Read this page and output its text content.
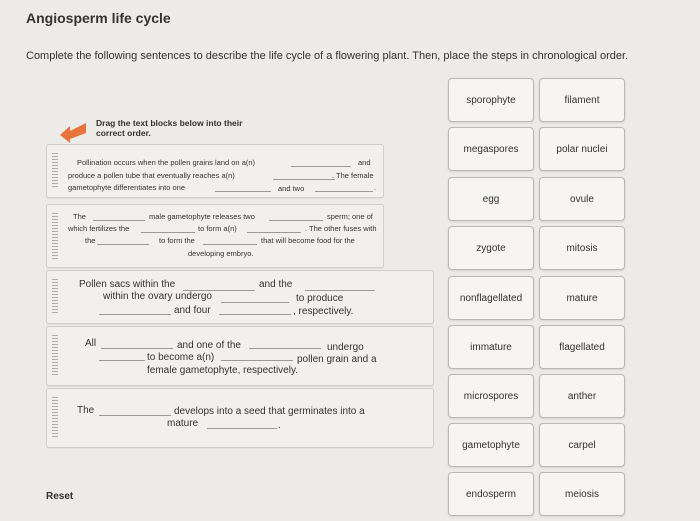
Angiosperm life cycle
Complete the following sentences to describe the life cycle of a flowering plant. Then, place the steps in chronological order.
Drag the text blocks below into their correct order.
Pollination occurs when the pollen grains land on a(n)	and
produce a pollen tube that eventually reaches a(n)	. The female
gametophyte differentiates into one	and two	.
The	male gametophyte releases two	sperm; one of
which fertilizes the	to form a(n)	. The other fuses with
the	to form the	that will become food for the
developing embryo.
Pollen sacs within the	and the
within the ovary undergo	to produce
and four	, respectively.
All	and one of the	undergo
to become a(n)	pollen grain and a
female gametophyte, respectively.
The	develops into a seed that germinates into a
mature	.
sporophyte	filament
megaspores	polar nuclei
egg	ovule
zygote	mitosis
nonflagellated	mature
immature	flagellated
microspores	anther
gametophyte	carpel
endosperm	meiosis
Reset
